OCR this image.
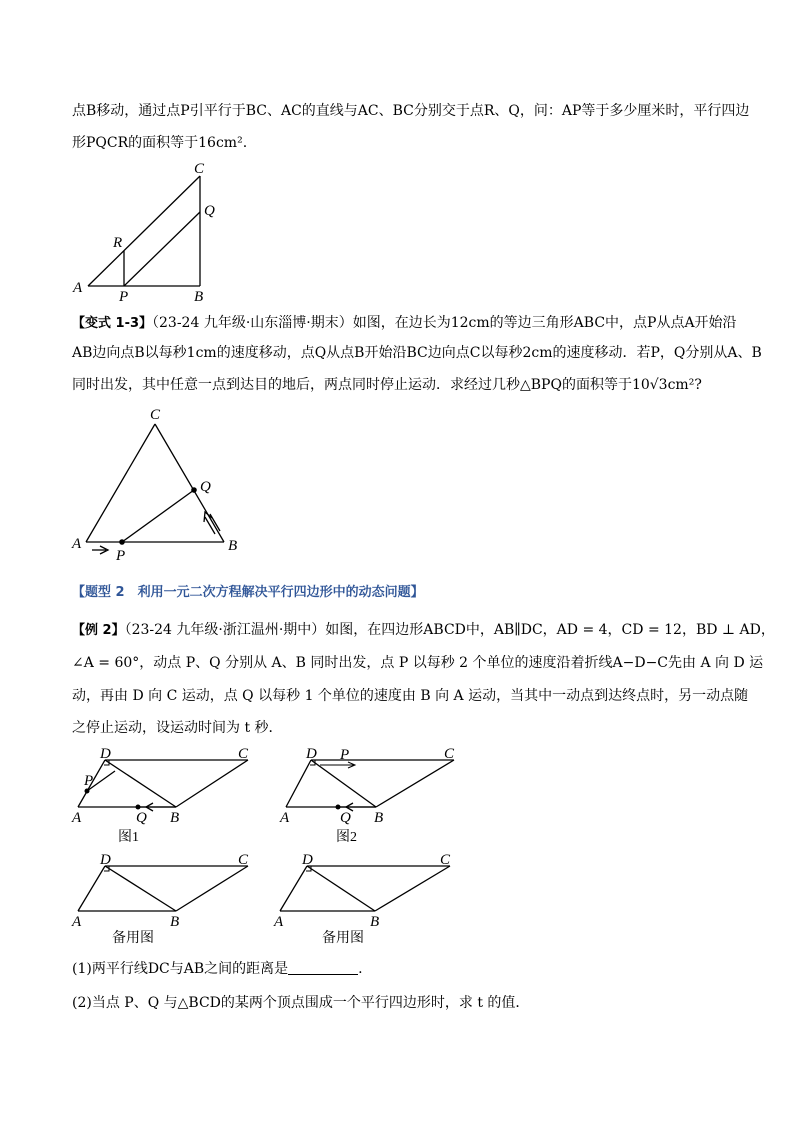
点B移动，通过点P引平行于BC、AC的直线与AC、BC分别交于点R、Q，问：AP等于多少厘米时，平行四边
形PQCR的面积等于16cm².
C
Q
R
A
P	B
【变式 1-3】（23-24 九年级·山东淄博·期末）如图，在边长为12cm的等边三角形ABC中，点P从点A开始沿
AB边向点B以每秒1cm的速度移动，点Q从点B开始沿BC边向点C以每秒2cm的速度移动．若P，Q分别从A、B
同时出发，其中任意一点到达目的地后，两点同时停止运动．求经过几秒△BPQ的面积等于10√3cm²?
C
Q
A
P
B
【题型 2　利用一元二次方程解决平行四边形中的动态问题】
【例 2】（23-24 九年级·浙江温州·期中）如图，在四边形ABCD中，AB∥DC，AD = 4，CD = 12，BD ⊥ AD，
∠A = 60°，动点 P、Q 分别从 A、B 同时出发，点 P 以每秒 2 个单位的速度沿着折线A−D−C先由 A 向 D 运
动，再由 D 向 C 运动，点 Q 以每秒 1 个单位的速度由 B 向 A 运动，当其中一动点到达终点时，另一动点随
之停止运动，设运动时间为 t 秒．
D	C
P
A	Q B
图1
D P	C
A	Q B
图2
D	C
A	B
备用图
D	C
A	B
备用图
(1)两平行线DC与AB之间的距离是	.
(2)当点 P、Q 与△BCD的某两个顶点围成一个平行四边形时，求 t 的值．
